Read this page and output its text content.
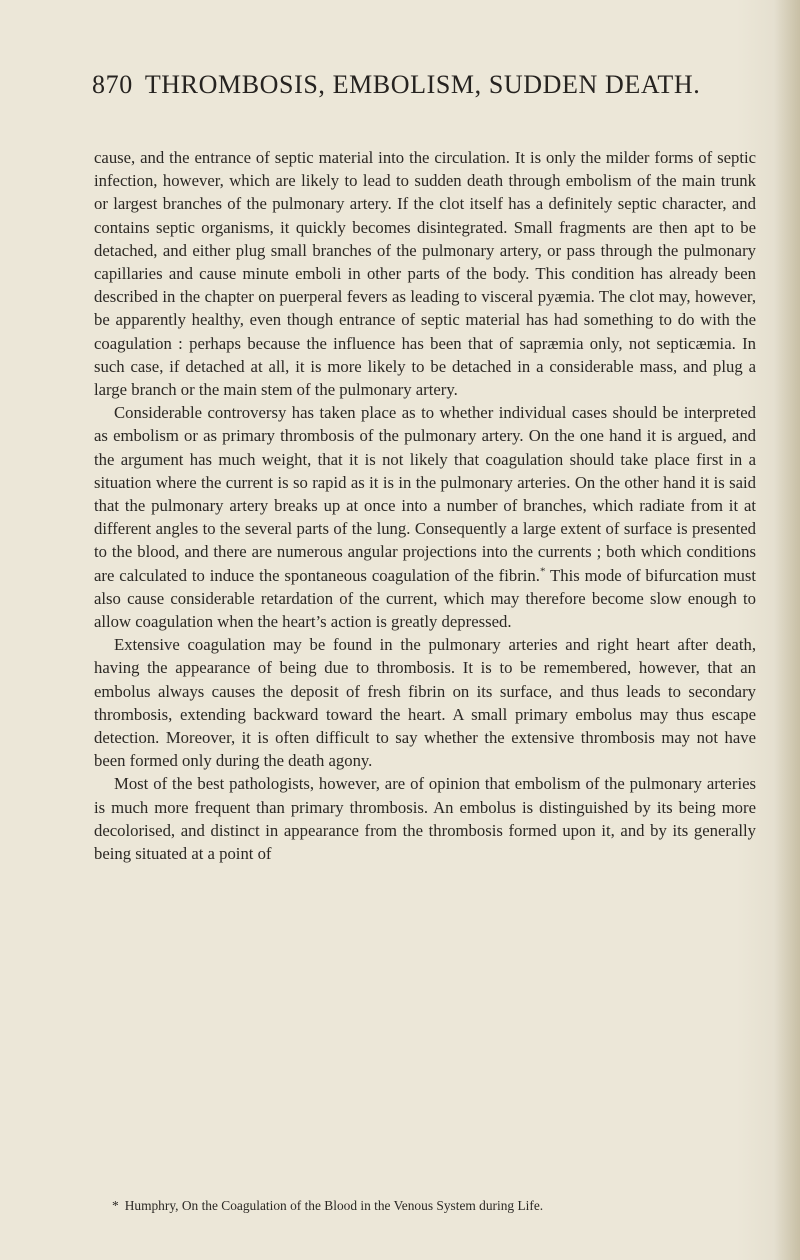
870 THROMBOSIS, EMBOLISM, SUDDEN DEATH.

cause, and the entrance of septic material into the circulation. It is only the milder forms of septic infection, however, which are likely to lead to sudden death through embolism of the main trunk or largest branches of the pulmonary artery. If the clot itself has a definitely septic character, and contains septic organisms, it quickly becomes disintegrated. Small fragments are then apt to be detached, and either plug small branches of the pulmonary artery, or pass through the pulmonary capillaries and cause minute emboli in other parts of the body. This condition has already been described in the chapter on puerperal fevers as leading to visceral pyæmia. The clot may, however, be apparently healthy, even though entrance of septic material has had something to do with the coagulation : perhaps because the influence has been that of sapræmia only, not septicæmia. In such case, if detached at all, it is more likely to be detached in a considerable mass, and plug a large branch or the main stem of the pulmonary artery.

Considerable controversy has taken place as to whether individual cases should be interpreted as embolism or as primary thrombosis of the pulmonary artery. On the one hand it is argued, and the argument has much weight, that it is not likely that coagulation should take place first in a situation where the current is so rapid as it is in the pulmonary arteries. On the other hand it is said that the pulmonary artery breaks up at once into a number of branches, which radiate from it at different angles to the several parts of the lung. Consequently a large extent of surface is presented to the blood, and there are numerous angular projections into the currents ; both which conditions are calculated to induce the spontaneous coagulation of the fibrin.* This mode of bifurcation must also cause considerable retardation of the current, which may therefore become slow enough to allow coagulation when the heart’s action is greatly depressed.

Extensive coagulation may be found in the pulmonary arteries and right heart after death, having the appearance of being due to thrombosis. It is to be remembered, however, that an embolus always causes the deposit of fresh fibrin on its surface, and thus leads to secondary thrombosis, extending backward toward the heart. A small primary embolus may thus escape detection. Moreover, it is often difficult to say whether the extensive thrombosis may not have been formed only during the death agony.

Most of the best pathologists, however, are of opinion that embolism of the pulmonary arteries is much more frequent than primary thrombosis. An embolus is distinguished by its being more decolorised, and distinct in appearance from the thrombosis formed upon it, and by its generally being situated at a point of

* Humphry, On the Coagulation of the Blood in the Venous System during Life.
